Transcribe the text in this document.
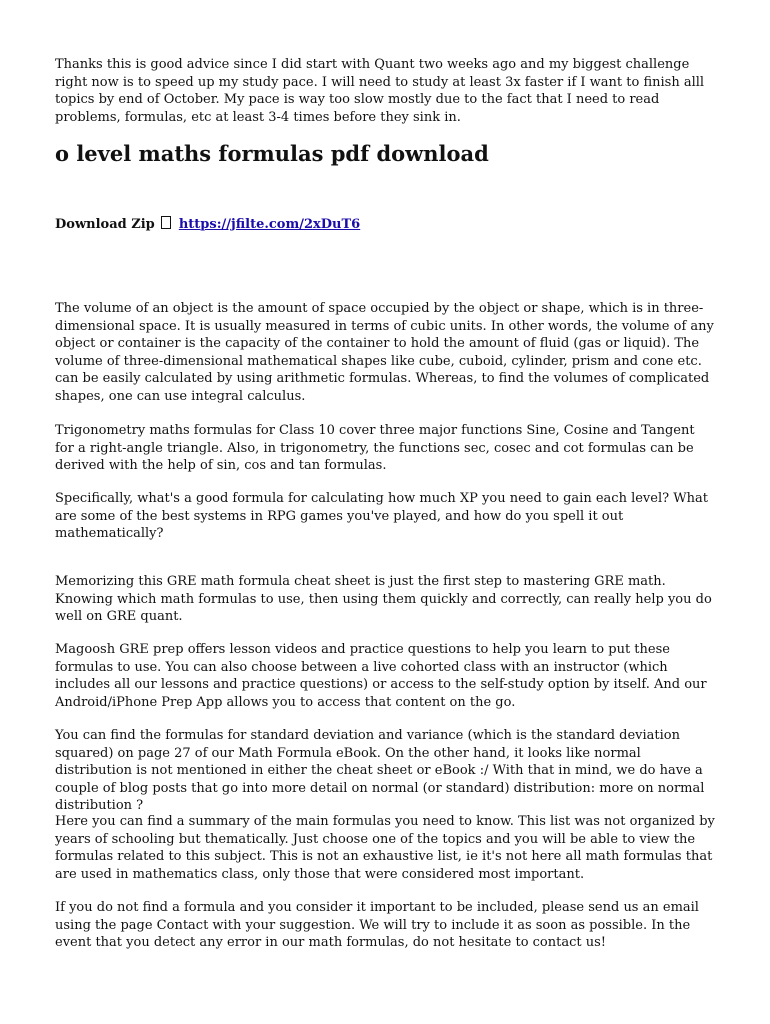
Thanks this is good advice since I did start with Quant two weeks ago and my biggest challenge right now is to speed up my study pace. I will need to study at least 3x faster if I want to finish alll topics by end of October. My pace is way too slow mostly due to the fact that I need to read problems, formulas, etc at least 3-4 times before they sink in.

o level maths formulas pdf download
Download Zip https://jfilte.com/2xDuT6

The volume of an object is the amount of space occupied by the object or shape, which is in three-dimensional space. It is usually measured in terms of cubic units. In other words, the volume of any object or container is the capacity of the container to hold the amount of fluid (gas or liquid). The volume of three-dimensional mathematical shapes like cube, cuboid, cylinder, prism and cone etc. can be easily calculated by using arithmetic formulas. Whereas, to find the volumes of complicated shapes, one can use integral calculus.

Trigonometry maths formulas for Class 10 cover three major functions Sine, Cosine and Tangent for a right-angle triangle. Also, in trigonometry, the functions sec, cosec and cot formulas can be derived with the help of sin, cos and tan formulas.

Specifically, what's a good formula for calculating how much XP you need to gain each level? What are some of the best systems in RPG games you've played, and how do you spell it out mathematically?

Memorizing this GRE math formula cheat sheet is just the first step to mastering GRE math. Knowing which math formulas to use, then using them quickly and correctly, can really help you do well on GRE quant.

Magoosh GRE prep offers lesson videos and practice questions to help you learn to put these formulas to use. You can also choose between a live cohorted class with an instructor (which includes all our lessons and practice questions) or access to the self-study option by itself. And our Android/iPhone Prep App allows you to access that content on the go.

You can find the formulas for standard deviation and variance (which is the standard deviation squared) on page 27 of our Math Formula eBook. On the other hand, it looks like normal distribution is not mentioned in either the cheat sheet or eBook :/ With that in mind, we do have a couple of blog posts that go into more detail on normal (or standard) distribution: more on normal distribution ?

Here you can find a summary of the main formulas you need to know. This list was not organized by years of schooling but thematically. Just choose one of the topics and you will be able to view the formulas related to this subject. This is not an exhaustive list, ie it's not here all math formulas that are used in mathematics class, only those that were considered most important.

If you do not find a formula and you consider it important to be included, please send us an email using the page Contact with your suggestion. We will try to include it as soon as possible. In the event that you detect any error in our math formulas, do not hesitate to contact us!
